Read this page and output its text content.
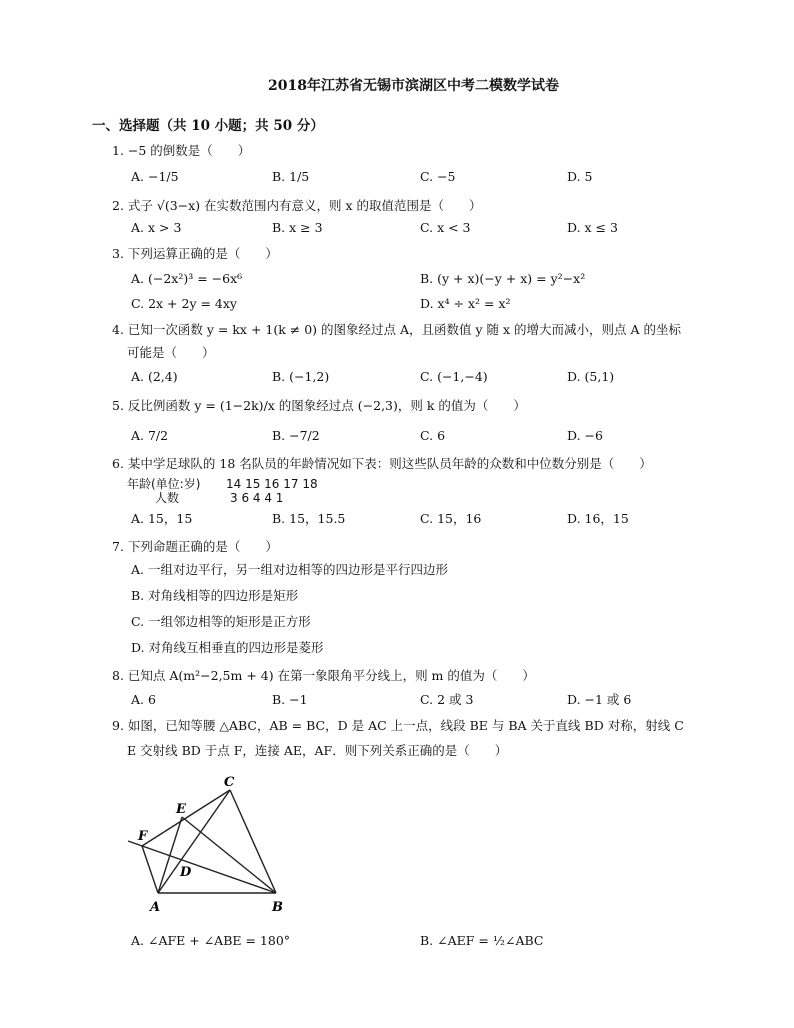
2018年江苏省无锡市滨湖区中考二模数学试卷
一、选择题（共 10 小题；共 50 分）
1. −5 的倒数是（　　）
A. −1/5	B. 1/5	C. −5	D. 5
2. 式子 √(3−x) 在实数范围内有意义，则 x 的取值范围是（　　）
A. x > 3	B. x ≥ 3	C. x < 3	D. x ≤ 3
3. 下列运算正确的是（　　）
A. (−2x²)³ = −6x⁶	B. (y + x)(−y + x) = y²−x²
C. 2x + 2y = 4xy	D. x⁴ ÷ x² = x²
4. 已知一次函数 y = kx + 1(k ≠ 0) 的图象经过点 A，且函数值 y 随 x 的增大而减小，则点 A 的坐标
可能是（　　）
A. (2,4)	B. (−1,2)	C. (−1,−4)	D. (5,1)
5. 反比例函数 y = (1−2k)/x 的图象经过点 (−2,3)，则 k 的值为（　　）
A. 7/2	B. −7/2	C. 6	D. −6
6. 某中学足球队的 18 名队员的年龄情况如下表：则这些队员年龄的众数和中位数分别是（　　）
年龄(单位:岁) 14 15 16 17 18
人数	3 6 4 4 1
A. 15，15	B. 15，15.5	C. 15，16	D. 16，15
7. 下列命题正确的是（　　）
A. 一组对边平行，另一组对边相等的四边形是平行四边形
B. 对角线相等的四边形是矩形
C. 一组邻边相等的矩形是正方形
D. 对角线互相垂直的四边形是菱形
8. 已知点 A(m²−2,5m + 4) 在第一象限角平分线上，则 m 的值为（　　）
A. 6	B. −1	C. 2 或 3	D. −1 或 6
9. 如图，已知等腰 △ABC，AB = BC，D 是 AC 上一点，线段 BE 与 BA 关于直线 BD 对称，射线 C
E 交射线 BD 于点 F，连接 AE，AF．则下列关系正确的是（　　）
C
E
F
D
A	B
A. ∠AFE + ∠ABE = 180°	B. ∠AEF = ½∠ABC
